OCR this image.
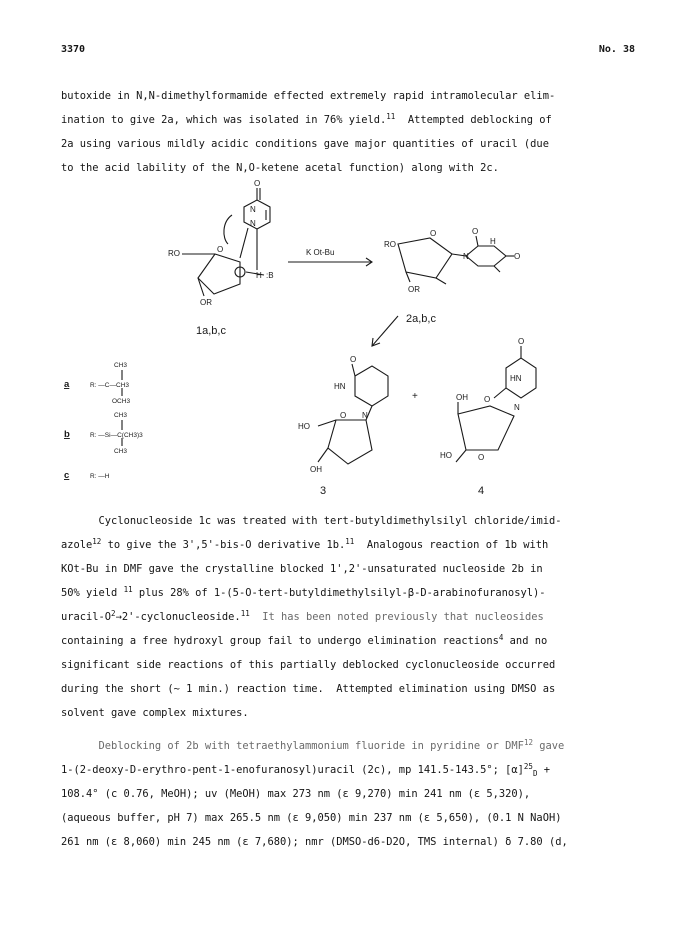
3370	No. 38

butoxide in N,N-dimethylformamide effected extremely rapid intramolecular elim-

ination to give 2a, which was isolated in 76% yield.$^{11}$ Attempted deblocking of

2a using various mildly acidic conditions gave major quantities of uracil (due

to the acid lability of the N,O-ketene acetal function) along with 2c.

O
N
N
RO	O
OR
H :B
K Ot-Bu
RO
O
OR
N
O
H
O
O
HN
N
HO
O
OH
O
HN
O
OH
N
HO	O
+
CH3
R: —C—CH3
OCH3
CH3
R: —Si—C(CH3)3
CH3
R: —H
a
b
c
1a,b,c
2a,b,c
3	4

Cyclonucleoside 1c was treated with tert-butyldimethylsilyl chloride/imid-

azole$^{12}$ to give the 3',5'-bis-O derivative 1b.$^{11}$  Analogous reaction of 1b with

KOt-Bu in DMF gave the crystalline blocked 1',2'-unsaturated nucleoside 2b in

50% yield $^{11}$ plus 28% of 1-(5-O-tert-butyldimethylsilyl-β-D-arabinofuranosyl)-

uracil-$O^2\to 2'-cyclonucleoside.^{11}$  It has been noted previously that nucleosides

containing a free hydroxyl group fail to undergo elimination reactions$^4$ and no

significant side reactions of this partially deblocked cyclonucleoside occurred

during the short (∼ 1 min.) reaction time.  Attempted elimination using DMSO as

solvent gave complex mixtures.

Deblocking of 2b with tetraethylammonium fluoride in pyridine or DMF$^{12}$ gave

1-(2-deoxy-D-erythro-pent-1-enofuranosyl)uracil (2c), mp 141.5-143.5°; $[\alpha]^{25}_D$ +

108.4° (c 0.76, MeOH); uv (MeOH) max 273 nm (ε 9,270) min 241 nm (ε 5,320),

(aqueous buffer, pH 7) max 265.5 nm (ε 9,050) min 237 nm (ε 5,650), (0.1 N NaOH)

261 nm (ε 8,060) min 245 nm (ε 7,680); nmr (DMSO-d6-D2O, TMS internal) δ 7.80 (d,
